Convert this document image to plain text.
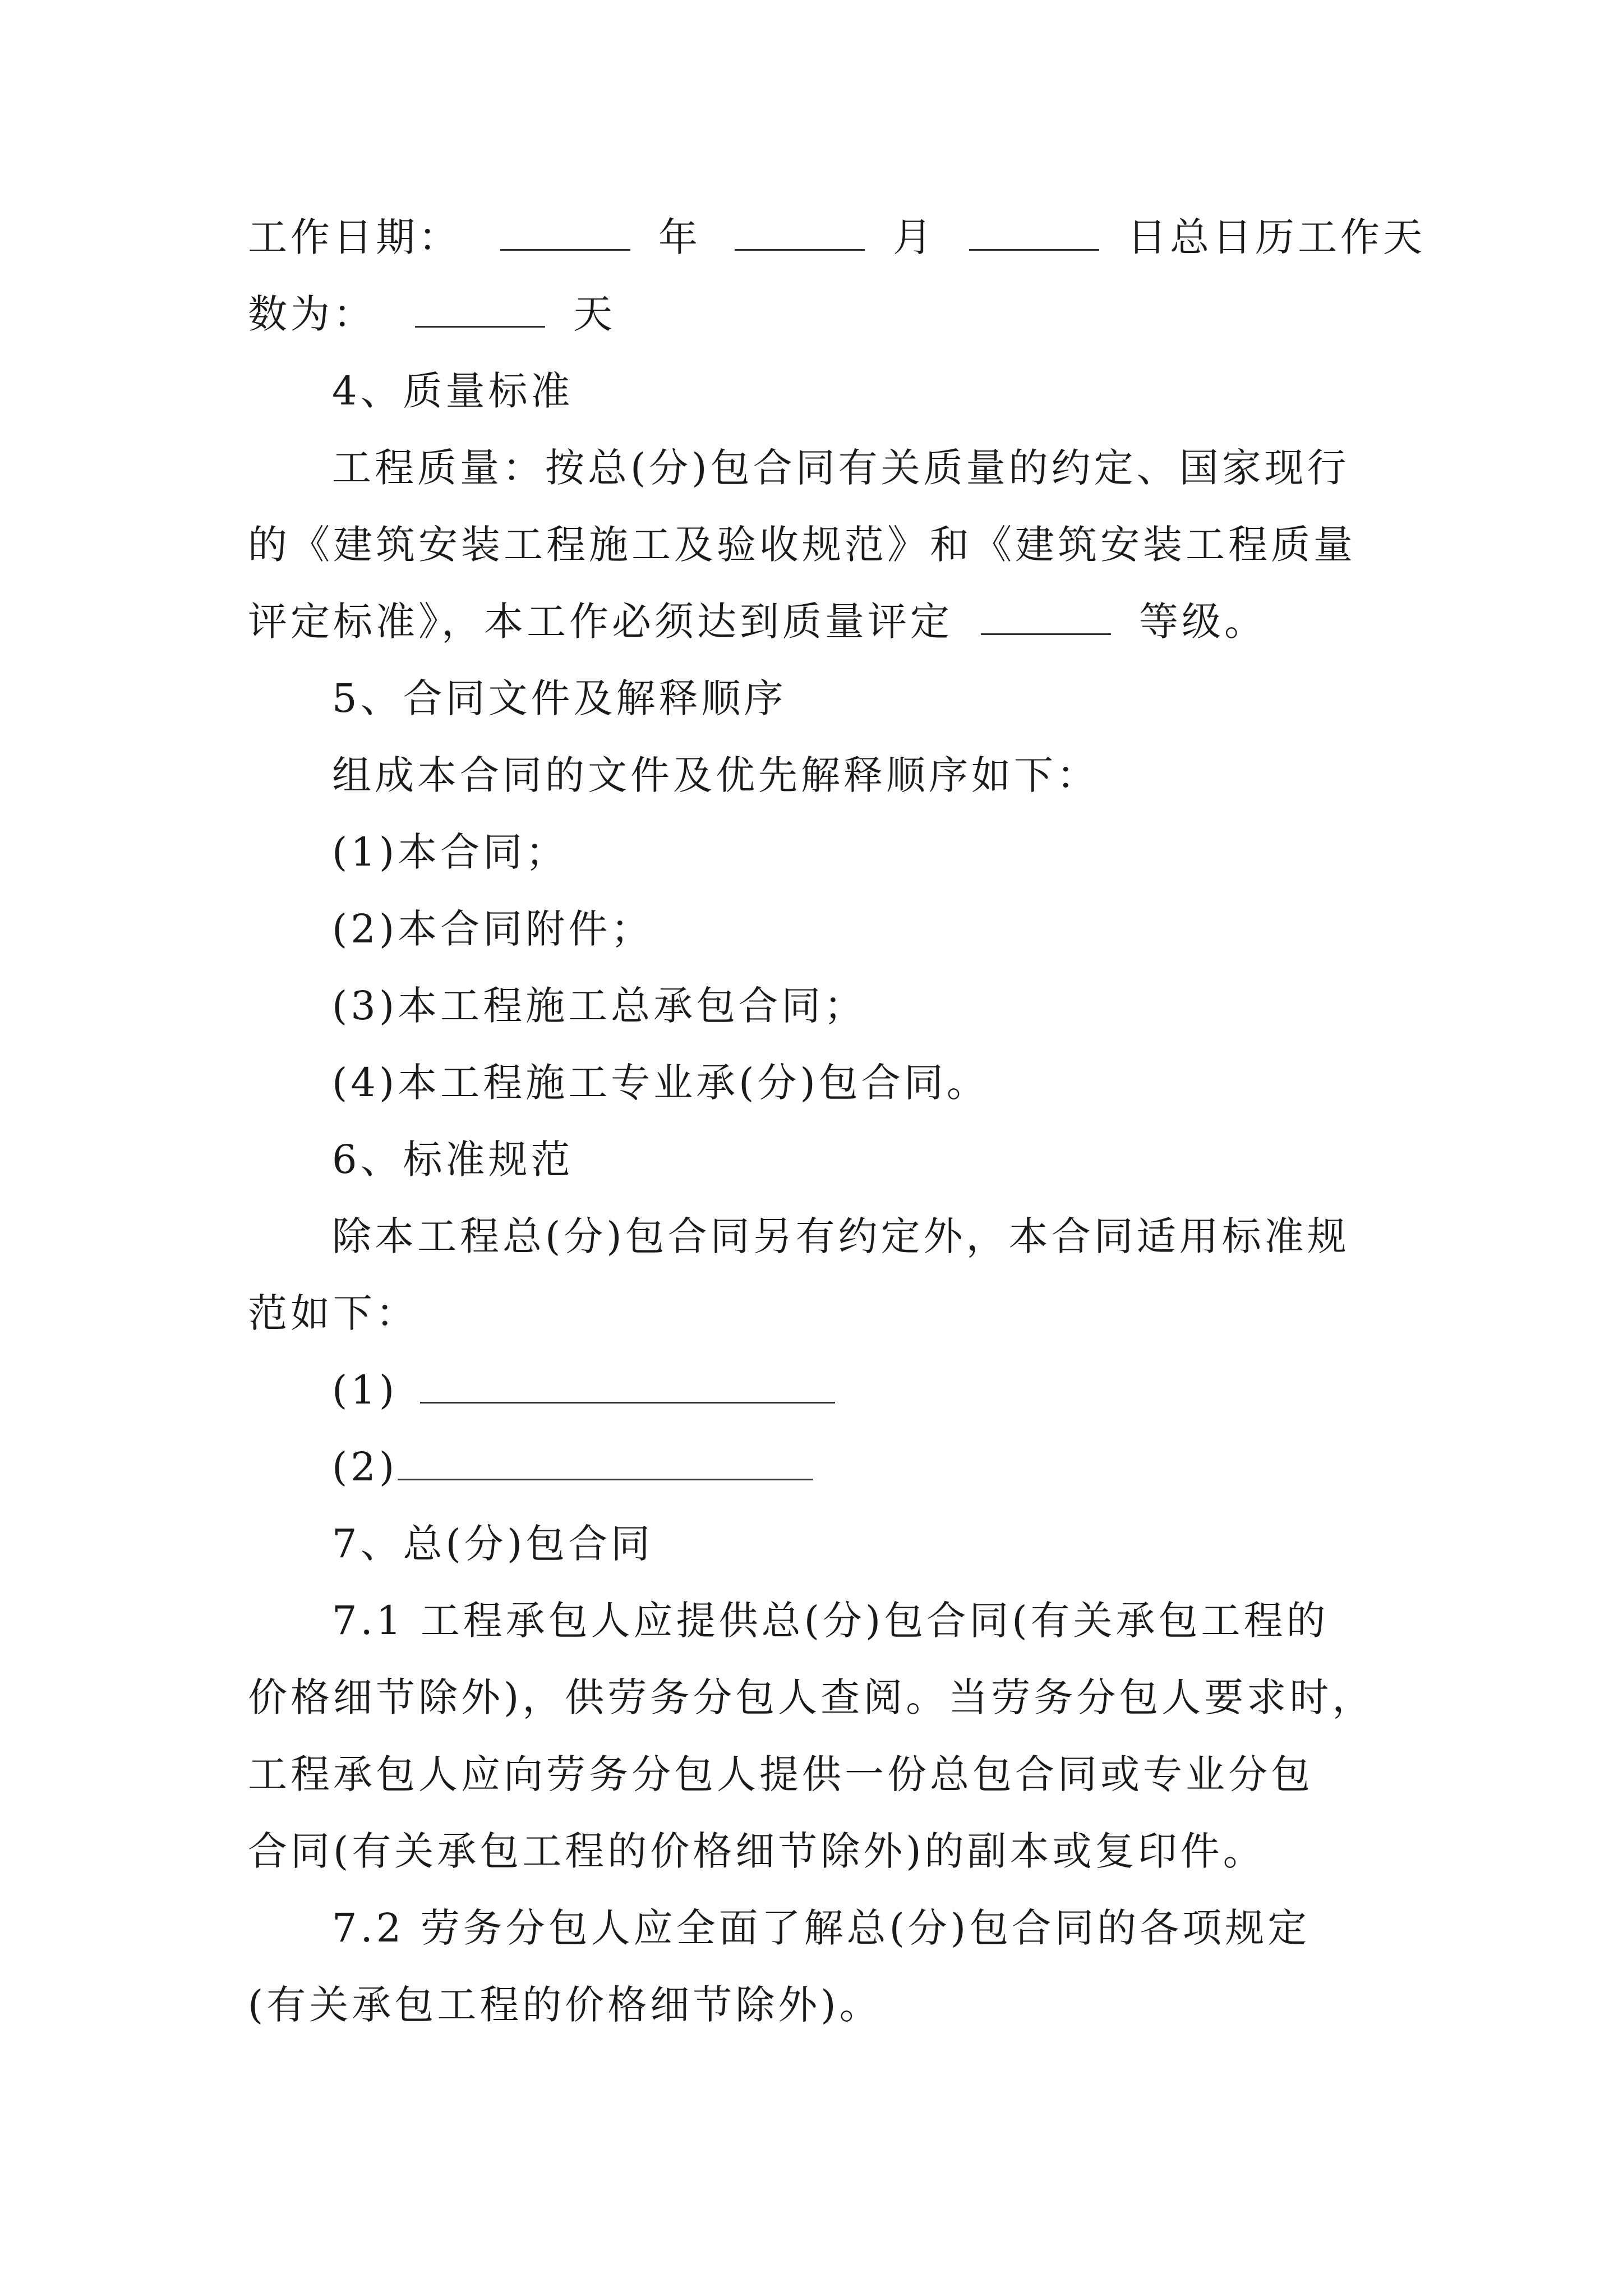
工作日期：	年	月	日总日历工作天
数为：	天
4、质量标准
工程质量：按总(分)包合同有关质量的约定、国家现行
的《建筑安装工程施工及验收规范》和《建筑安装工程质量
评定标准》，本工作必须达到质量评定	等级。
5、合同文件及解释顺序
组成本合同的文件及优先解释顺序如下：
(1)本合同；
(2)本合同附件；
(3)本工程施工总承包合同；
(4)本工程施工专业承(分)包合同。
6、标准规范
除本工程总(分)包合同另有约定外，本合同适用标准规
范如下：
(1)
(2)
7、总(分)包合同
7.1 工程承包人应提供总(分)包合同(有关承包工程的
价格细节除外)，供劳务分包人查阅。当劳务分包人要求时，
工程承包人应向劳务分包人提供一份总包合同或专业分包
合同(有关承包工程的价格细节除外)的副本或复印件。
7.2 劳务分包人应全面了解总(分)包合同的各项规定
(有关承包工程的价格细节除外)。
